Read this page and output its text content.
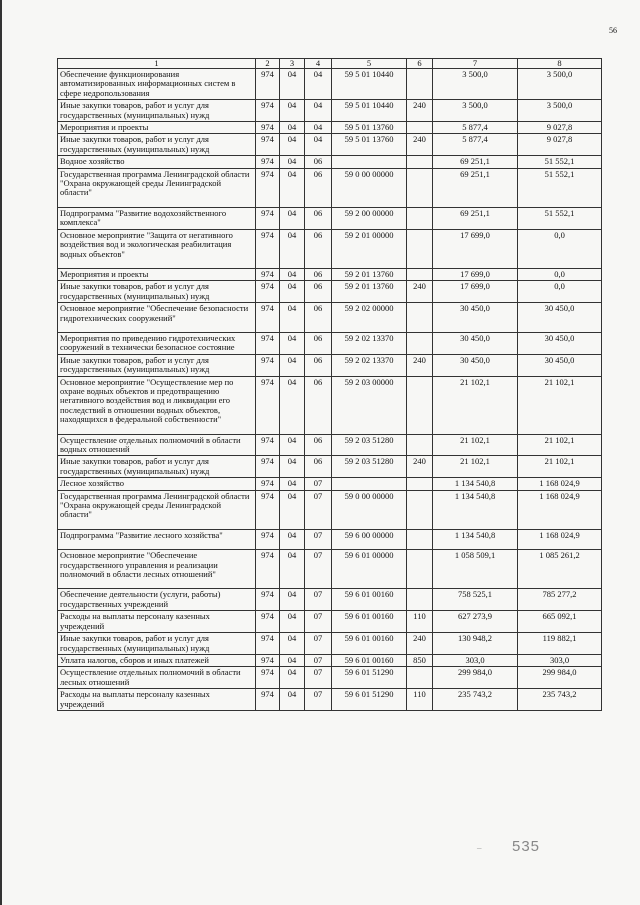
56
1	2	3	4	5	6	7	8
Обеспечение функционирования автоматизированных информационных систем в сфере недропользования	974	04	04	59 5 01 10440		3 500,0	3 500,0
Иные закупки товаров, работ и услуг для государственных (муниципальных) нужд	974	04	04	59 5 01 10440	240	3 500,0	3 500,0
Мероприятия и проекты	974	04	04	59 5 01 13760		5 877,4	9 027,8
Иные закупки товаров, работ и услуг для государственных (муниципальных) нужд	974	04	04	59 5 01 13760	240	5 877,4	9 027,8
Водное хозяйство	974	04	06			69 251,1	51 552,1
Государственная программа Ленинградской области "Охрана окружающей среды Ленинградской области"	974	04	06	59 0 00 00000		69 251,1	51 552,1
Подпрограмма "Развитие водохозяйственного комплекса"	974	04	06	59 2 00 00000		69 251,1	51 552,1
Основное мероприятие "Защита от негативного воздействия вод и экологическая реабилитация водных объектов"	974	04	06	59 2 01 00000		17 699,0	0,0
Мероприятия и проекты	974	04	06	59 2 01 13760		17 699,0	0,0
Иные закупки товаров, работ и услуг для государственных (муниципальных) нужд	974	04	06	59 2 01 13760	240	17 699,0	0,0
Основное мероприятие "Обеспечение безопасности гидротехнических сооружений"	974	04	06	59 2 02 00000		30 450,0	30 450,0
Мероприятия по приведению гидротехнических сооружений в технически безопасное состояние	974	04	06	59 2 02 13370		30 450,0	30 450,0
Иные закупки товаров, работ и услуг для государственных (муниципальных) нужд	974	04	06	59 2 02 13370	240	30 450,0	30 450,0
Основное мероприятие "Осуществление мер по охране водных объектов и предотвращению негативного воздействия вод и ликвидации его последствий в отношении водных объектов, находящихся в федеральной собственности"	974	04	06	59 2 03 00000		21 102,1	21 102,1
Осуществление отдельных полномочий в области водных отношений	974	04	06	59 2 03 51280		21 102,1	21 102,1
Иные закупки товаров, работ и услуг для государственных (муниципальных) нужд	974	04	06	59 2 03 51280	240	21 102,1	21 102,1
Лесное хозяйство	974	04	07			1 134 540,8	1 168 024,9
Государственная программа Ленинградской области "Охрана окружающей среды Ленинградской области"	974	04	07	59 0 00 00000		1 134 540,8	1 168 024,9
Подпрограмма "Развитие лесного хозяйства"	974	04	07	59 6 00 00000		1 134 540,8	1 168 024,9
Основное мероприятие "Обеспечение государственного управления и реализации полномочий в области лесных отношений"	974	04	07	59 6 01 00000		1 058 509,1	1 085 261,2
Обеспечение деятельности (услуги, работы) государственных учреждений	974	04	07	59 6 01 00160		758 525,1	785 277,2
Расходы на выплаты персоналу казенных учреждений	974	04	07	59 6 01 00160	110	627 273,9	665 092,1
Иные закупки товаров, работ и услуг для государственных (муниципальных) нужд	974	04	07	59 6 01 00160	240	130 948,2	119 882,1
Уплата налогов, сборов и иных платежей	974	04	07	59 6 01 00160	850	303,0	303,0
Осуществление отдельных полномочий в области лесных отношений	974	04	07	59 6 01 51290		299 984,0	299 984,0
Расходы на выплаты персоналу казенных учреждений	974	04	07	59 6 01 51290	110	235 743,2	235 743,2
– 535
